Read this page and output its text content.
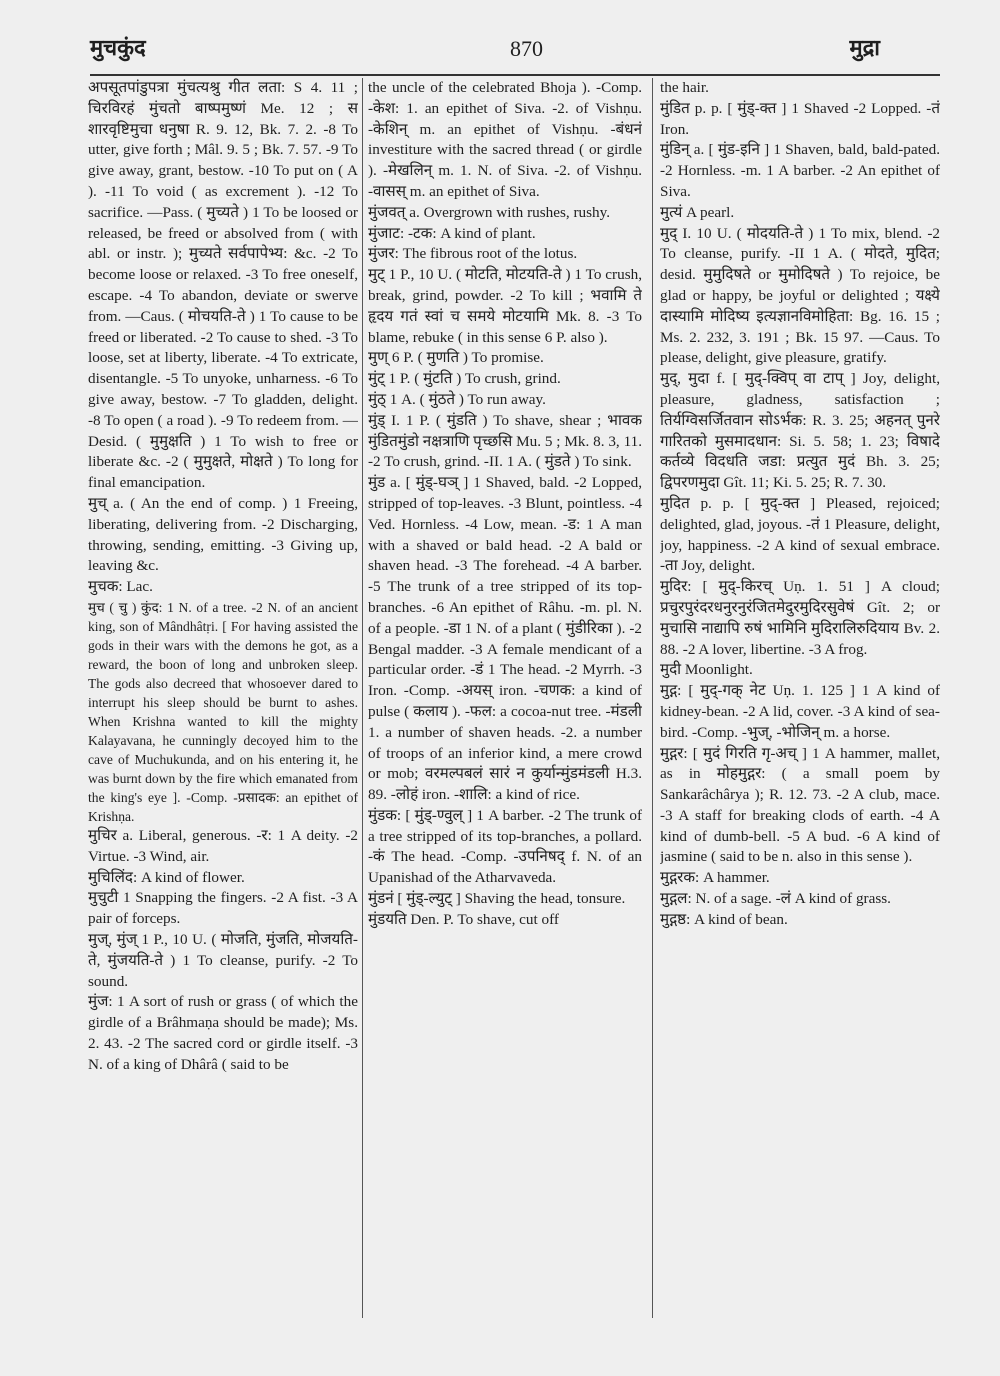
मुचकुंद	870	मुद्रा

अपसूतपांडुपत्रा मुंचत्यश्रु गीत लता: S 4. 11 ; चिरविरहं मुंचतो बाष्पमुष्णं Me. 12 ; स शारवृष्टिमुचा धनुषा R. 9. 12, Bk. 7. 2. -8 To utter, give forth ; Mâl. 9. 5 ; Bk. 7. 57. -9 To give away, grant, bestow. -10 To put on ( A ). -11 To void ( as excrement ). -12 To sacrifice. —Pass. ( मुच्यते ) 1 To be loosed or released, be freed or absolved from ( with abl. or instr. ); मुच्यते सर्वपापेभ्य: &c. -2 To become loose or relaxed. -3 To free oneself, escape. -4 To abandon, deviate or swerve from. —Caus. ( मोचयति-ते ) 1 To cause to be freed or liberated. -2 To cause to shed. -3 To loose, set at liberty, liberate. -4 To extricate, disentangle. -5 To unyoke, unharness. -6 To give away, bestow. -7 To gladden, delight. -8 To open ( a road ). -9 To redeem from. —Desid. ( मुमुक्षति ) 1 To wish to free or liberate &c. -2 ( मुमुक्षते, मोक्षते ) To long for final emancipation.

मुच् a. ( An the end of comp. ) 1 Freeing, liberating, delivering from. -2 Discharging, throwing, sending, emitting. -3 Giving up, leaving &c.

मुचक: Lac.

मुच ( चु ) कुंद: 1 N. of a tree. -2 N. of an ancient king, son of Mândhâtṛi. [ For having assisted the gods in their wars with the demons he got, as a reward, the boon of long and unbroken sleep. The gods also decreed that whosoever dared to interrupt his sleep should be burnt to ashes. When Krishna wanted to kill the mighty Kalayavana, he cunningly decoyed him to the cave of Muchukunda, and on his entering it, he was burnt down by the fire which emanated from the king's eye ]. -Comp. -प्रसादक: an epithet of Krishṇa.

मुचिर a. Liberal, generous. -र: 1 A deity. -2 Virtue. -3 Wind, air.

मुचिलिंद: A kind of flower.

मुचुटी 1 Snapping the fingers. -2 A fist. -3 A pair of forceps.

मुज्, मुंज् 1 P., 10 U. ( मोजति, मुंजति, मोजयति-ते, मुंजयति-ते ) 1 To cleanse, purify. -2 To sound.

मुंज: 1 A sort of rush or grass ( of which the girdle of a Brâhmaṇa should be made); Ms. 2. 43. -2 The sacred cord or girdle itself. -3 N. of a king of Dhârâ ( said to be

the uncle of the celebrated Bhoja ). -Comp. -केश: 1. an epithet of Siva. -2. of Vishṇu. -केशिन् m. an epithet of Vishṇu. -बंधनं investiture with the sacred thread ( or girdle ). -मेखलिन् m. 1. N. of Siva. -2. of Vishṇu. -वासस् m. an epithet of Siva.

मुंजवत् a. Overgrown with rushes, rushy.

मुंजाट: -टक: A kind of plant.

मुंजर: The fibrous root of the lotus.

मुट् 1 P., 10 U. ( मोटति, मोटयति-ते ) 1 To crush, break, grind, powder. -2 To kill ; भवामि ते हृदय गतं स्वां च समये मोटयामि Mk. 8. -3 To blame, rebuke ( in this sense 6 P. also ).

मुण् 6 P. ( मुणति ) To promise.

मुंट् 1 P. ( मुंटति ) To crush, grind.

मुंठ् 1 A. ( मुंठते ) To run away.

मुंड् I. 1 P. ( मुंडति ) To shave, shear ; भावक मुंडितमुंडो नक्षत्राणि पृच्छसि Mu. 5 ; Mk. 8. 3, 11. -2 To crush, grind. -II. 1 A. ( मुंडते ) To sink.

मुंड a. [ मुंड्-घञ् ] 1 Shaved, bald. -2 Lopped, stripped of top-leaves. -3 Blunt, pointless. -4 Ved. Hornless. -4 Low, mean. -ड: 1 A man with a shaved or bald head. -2 A bald or shaven head. -3 The forehead. -4 A barber. -5 The trunk of a tree stripped of its top-branches. -6 An epithet of Râhu. -m. pl. N. of a people. -डा 1 N. of a plant ( मुंडीरिका ). -2 Bengal madder. -3 A female mendicant of a particular order. -डं 1 The head. -2 Myrrh. -3 Iron. -Comp. -अयस् iron. -चणक: a kind of pulse ( कलाय ). -फल: a cocoa-nut tree. -मंडली 1. a number of shaven heads. -2. a number of troops of an inferior kind, a mere crowd or mob; वरमल्पबलं सारं न कुर्यान्मुंडमंडली H.3. 89. -लोहं iron. -शालि: a kind of rice.

मुंडक: [ मुंड्-ण्वुल् ] 1 A barber. -2 The trunk of a tree stripped of its top-branches, a pollard. -कं The head. -Comp. -उपनिषद् f. N. of an Upanishad of the Atharvaveda.

मुंडनं [ मुंड्-ल्युट् ] Shaving the head, tonsure.

मुंडयति Den. P. To shave, cut off

the hair.

मुंडित p. p. [ मुंड्-क्त ] 1 Shaved -2 Lopped. -तं Iron.

मुंडिन् a. [ मुंड-इनि ] 1 Shaven, bald, bald-pated. -2 Hornless. -m. 1 A barber. -2 An epithet of Siva.

मुत्यं A pearl.

मुद् I. 10 U. ( मोदयति-ते ) 1 To mix, blend. -2 To cleanse, purify. -II 1 A. ( मोदते, मुदित; desid. मुमुदिषते or मुमोदिषते ) To rejoice, be glad or happy, be joyful or delighted ; यक्ष्ये दास्यामि मोदिष्य इत्यज्ञानविमोहिता: Bg. 16. 15 ; Ms. 2. 232, 3. 191 ; Bk. 15 97. —Caus. To please, delight, give pleasure, gratify.

मुद्, मुदा f. [ मुद्-क्विप् वा टाप् ] Joy, delight, pleasure, gladness, satisfaction ; तिर्यग्विसर्जितवान सोऽर्भक: R. 3. 25; अहनत् पुनरे गारितको मुसमादधान: Si. 5. 58; 1. 23; विषादे कर्तव्ये विदधति जडा: प्रत्युत मुदं Bh. 3. 25; द्विपरणमुदा Gît. 11; Ki. 5. 25; R. 7. 30.

मुदित p. p. [ मुद्-क्त ] Pleased, rejoiced; delighted, glad, joyous. -तं 1 Pleasure, delight, joy, happiness. -2 A kind of sexual embrace. -ता Joy, delight.

मुदिर: [ मुद्-किरच् Uṇ. 1. 51 ] A cloud; प्रचुरपुरंदरधनुरनुरंजितमेदुरमुदिरसुवेषं Gît. 2; or मुचासि नाद्यापि रुषं भामिनि मुदिरालिरुदियाय Bv. 2. 88. -2 A lover, libertine. -3 A frog.

मुदी Moonlight.

मुद्ग: [ मुद्-गक् नेट Uṇ. 1. 125 ] 1 A kind of kidney-bean. -2 A lid, cover. -3 A kind of sea-bird. -Comp. -भुज्, -भोजिन् m. a horse.

मुद्गर: [ मुदं गिरति गृ-अच् ] 1 A hammer, mallet, as in मोहमुद्गर: ( a small poem by Sankarâchârya ); R. 12. 73. -2 A club, mace. -3 A staff for breaking clods of earth. -4 A kind of dumb-bell. -5 A bud. -6 A kind of jasmine ( said to be n. also in this sense ).

मुद्गरक: A hammer.

मुद्गल: N. of a sage. -लं A kind of grass.

मुद्गष्ठ: A kind of bean.
